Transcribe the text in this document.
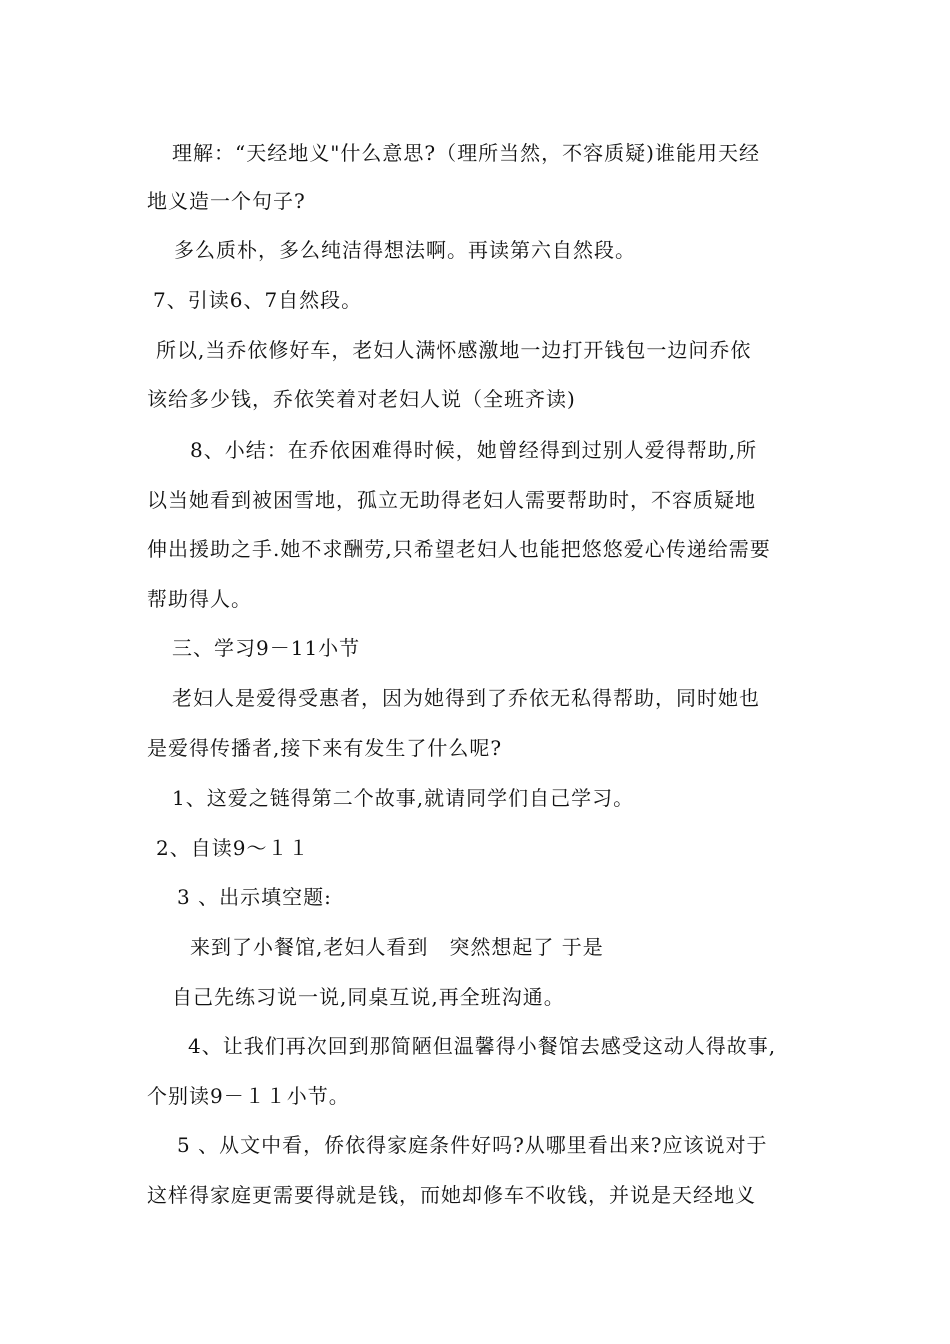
理解：“天经地义"什么意思?（理所当然，不容质疑)谁能用天经
地义造一个句子?
多么质朴，多么纯洁得想法啊。再读第六自然段。
7、引读6、7自然段。
所以,当乔依修好车，老妇人满怀感激地一边打开钱包一边问乔依
该给多少钱，乔依笑着对老妇人说（全班齐读)
8、小结：在乔依困难得时候，她曾经得到过别人爱得帮助,所
以当她看到被困雪地，孤立无助得老妇人需要帮助时，不容质疑地
伸出援助之手.她不求酬劳,只希望老妇人也能把悠悠爱心传递给需要
帮助得人。
三、学习9－11小节
老妇人是爱得受惠者，因为她得到了乔依无私得帮助，同时她也
是爱得传播者,接下来有发生了什么呢?
1、这爱之链得第二个故事,就请同学们自己学习。
2、自读9～１１
3 、出示填空题:
来到了小餐馆,老妇人看到　突然想起了 于是
自己先练习说一说,同桌互说,再全班沟通。
4、让我们再次回到那简陋但温馨得小餐馆去感受这动人得故事,
个别读9－１１小节。
5 、从文中看，侨依得家庭条件好吗?从哪里看出来?应该说对于
这样得家庭更需要得就是钱，而她却修车不收钱，并说是天经地义
